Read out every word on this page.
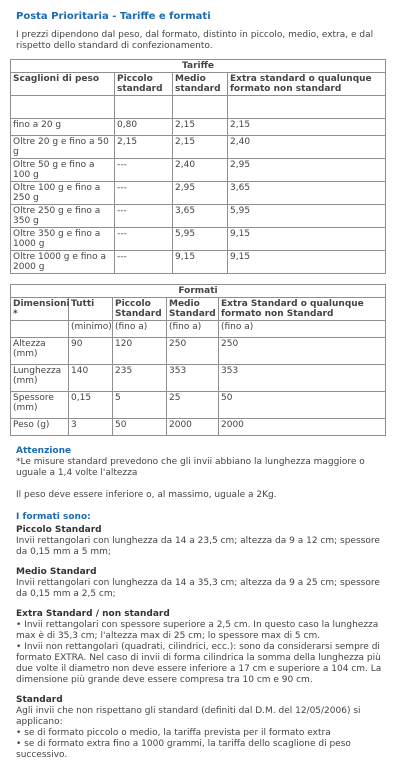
Posta Prioritaria - Tariffe e formati

I prezzi dipendono dal peso, dal formato, distinto in piccolo, medio, extra, e dal rispetto dello standard di confezionamento.

Tariffe			
Scaglioni di peso	Piccolo standard	Medio standard	Extra standard o qualunque formato non standard

fino a 20 g	0,80	2,15	2,15
Oltre 20 g e fino a 50 g	2,15	2,15	2,40
Oltre 50 g e fino a 100 g	---	2,40	2,95
Oltre 100 g e fino a 250 g	---	2,95	3,65
Oltre 250 g e fino a 350 g	---	3,65	5,95
Oltre 350 g e fino a 1000 g	---	5,95	9,15
Oltre 1000 g e fino a 2000 g	---	9,15	9,15
Formati				
Dimensioni *	Tutti	Piccolo Standard	Medio Standard	Extra Standard o qualunque formato non Standard
	(minimo)	(fino a)	(fino a)	(fino a)
Altezza (mm)	90	120	250	250
Lunghezza (mm)	140	235	353	353
Spessore (mm)	0,15	5	25	50
Peso (g)	3	50	2000	2000
Attenzione

*Le misure standard prevedono che gli invii abbiano la lunghezza maggiore o uguale a 1,4 volte l'altezza

Il peso deve essere inferiore o, al massimo, uguale a 2Kg.

I formati sono:
Piccolo Standard

Invii rettangolari con lunghezza da 14 a 23,5 cm; altezza da 9 a 12 cm; spessore da 0,15 mm a 5 mm;

Medio Standard

Invii rettangolari con lunghezza da 14 a 35,3 cm; altezza da 9 a 25 cm; spessore da 0,15 mm a 2,5 cm;

Extra Standard / non standard

• Invii rettangolari con spessore superiore a 2,5 cm. In questo caso la lunghezza max è di 35,3 cm; l'altezza max di 25 cm; lo spessore max di 5 cm.

• Invii non rettangolari (quadrati, cilindrici, ecc.): sono da considerarsi sempre di formato EXTRA. Nel caso di invii di forma cilindrica la somma della lunghezza più due volte il diametro non deve essere inferiore a 17 cm e superiore a 104 cm. La dimensione più grande deve essere compresa tra 10 cm e 90 cm.

Standard

Agli invii che non rispettano gli standard (definiti dal D.M. del 12/05/2006) si applicano:

• se di formato piccolo o medio, la tariffa prevista per il formato extra

• se di formato extra fino a 1000 grammi, la tariffa dello scaglione di peso successivo.
